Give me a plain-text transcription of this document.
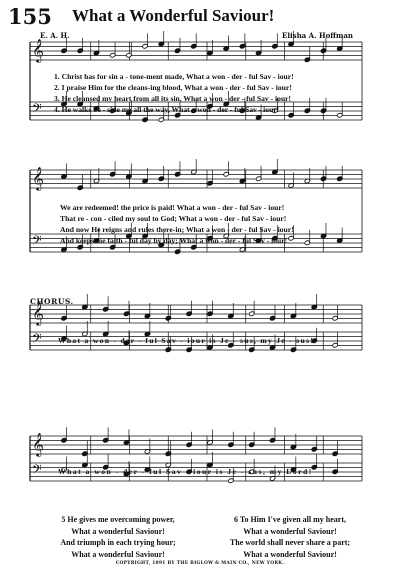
155 What a Wonderful Saviour!
E. A. H.	Elisha A. Hoffman
𝄞
𝄢
𝄞
𝄢
𝄞
𝄢
𝄞
𝄢
1. Christ has for sin a - tone-ment made, What a won - der - ful Sav - iour!
2. I praise Him for the cleans-ing blood, What a won - der - ful Sav - iour!
3. He cleansed my heart from all its sin, What a won - der - ful Sav - iour!
4. He walks be - side me all the way, What a won - der - ful Sav - iour!
We are redeemed! the price is paid! What a won - der - ful Sav - iour!
That re - con - ciled my soul to God; What a won - der - ful Sav - iour!
And now He reigns and rules there-in; What a won - der - ful Sav - iour!
And keeps me faith - ful day by day; What a won - der - ful Sav - iour!
CHORUS.
What a won - der - ful Sav - iour is Je - sus, my Je - sus!
What a won - der - ful Sav - iour is Je - sus, my Lord!
5 He gives me overcoming power,
What a wonderful Saviour!
And triumph in each trying hour;
What a wonderful Saviour!
6 To Him I've given all my heart,
What a wonderful Saviour!
The world shall never share a part;
What a wonderful Saviour!
COPYRIGHT, 1891 BY THE BIGLOW & MAIN CO., NEW YORK.
